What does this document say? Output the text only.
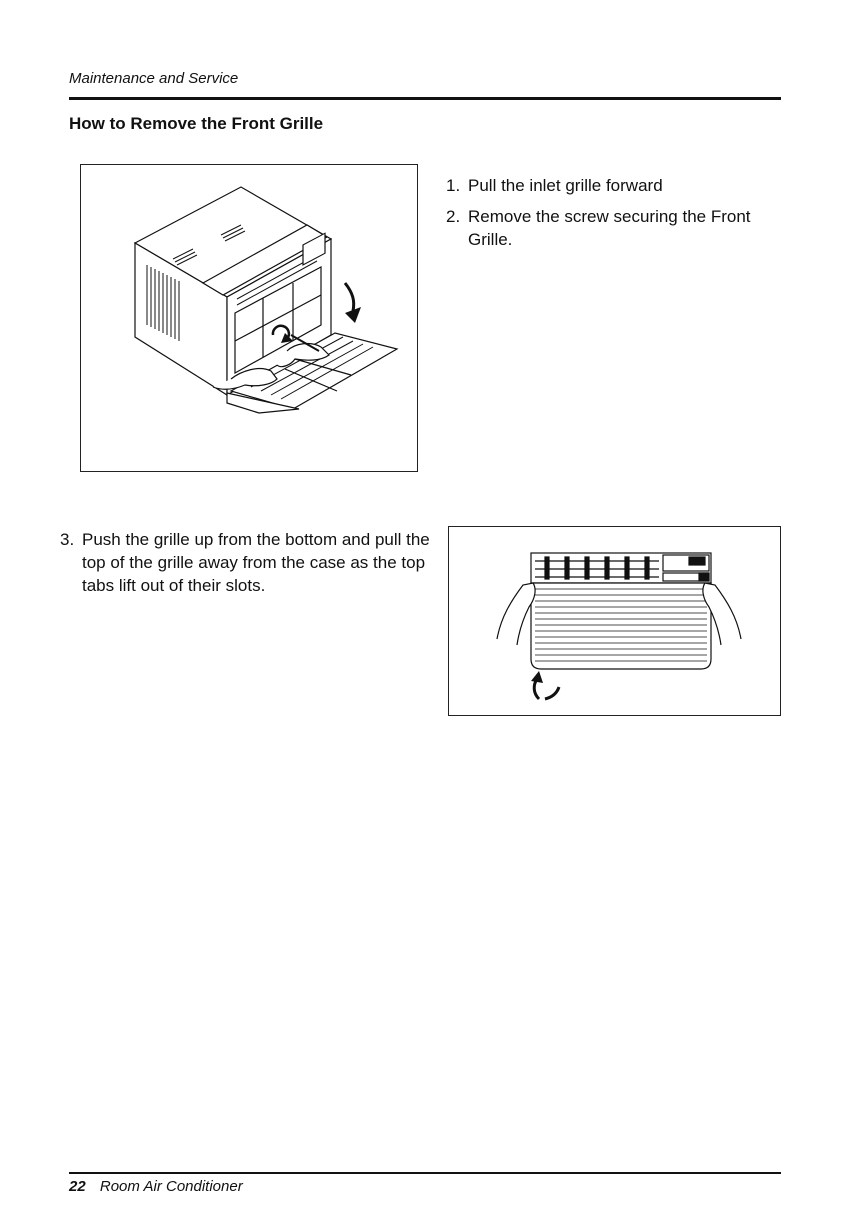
Maintenance and Service
How to Remove the Front Grille
1. Pull the inlet grille forward
2. Remove the screw securing the Front Grille.
3. Push the grille up from the bottom and pull the top of the grille away from the case as the top tabs lift out of their slots.
22 Room Air Conditioner
